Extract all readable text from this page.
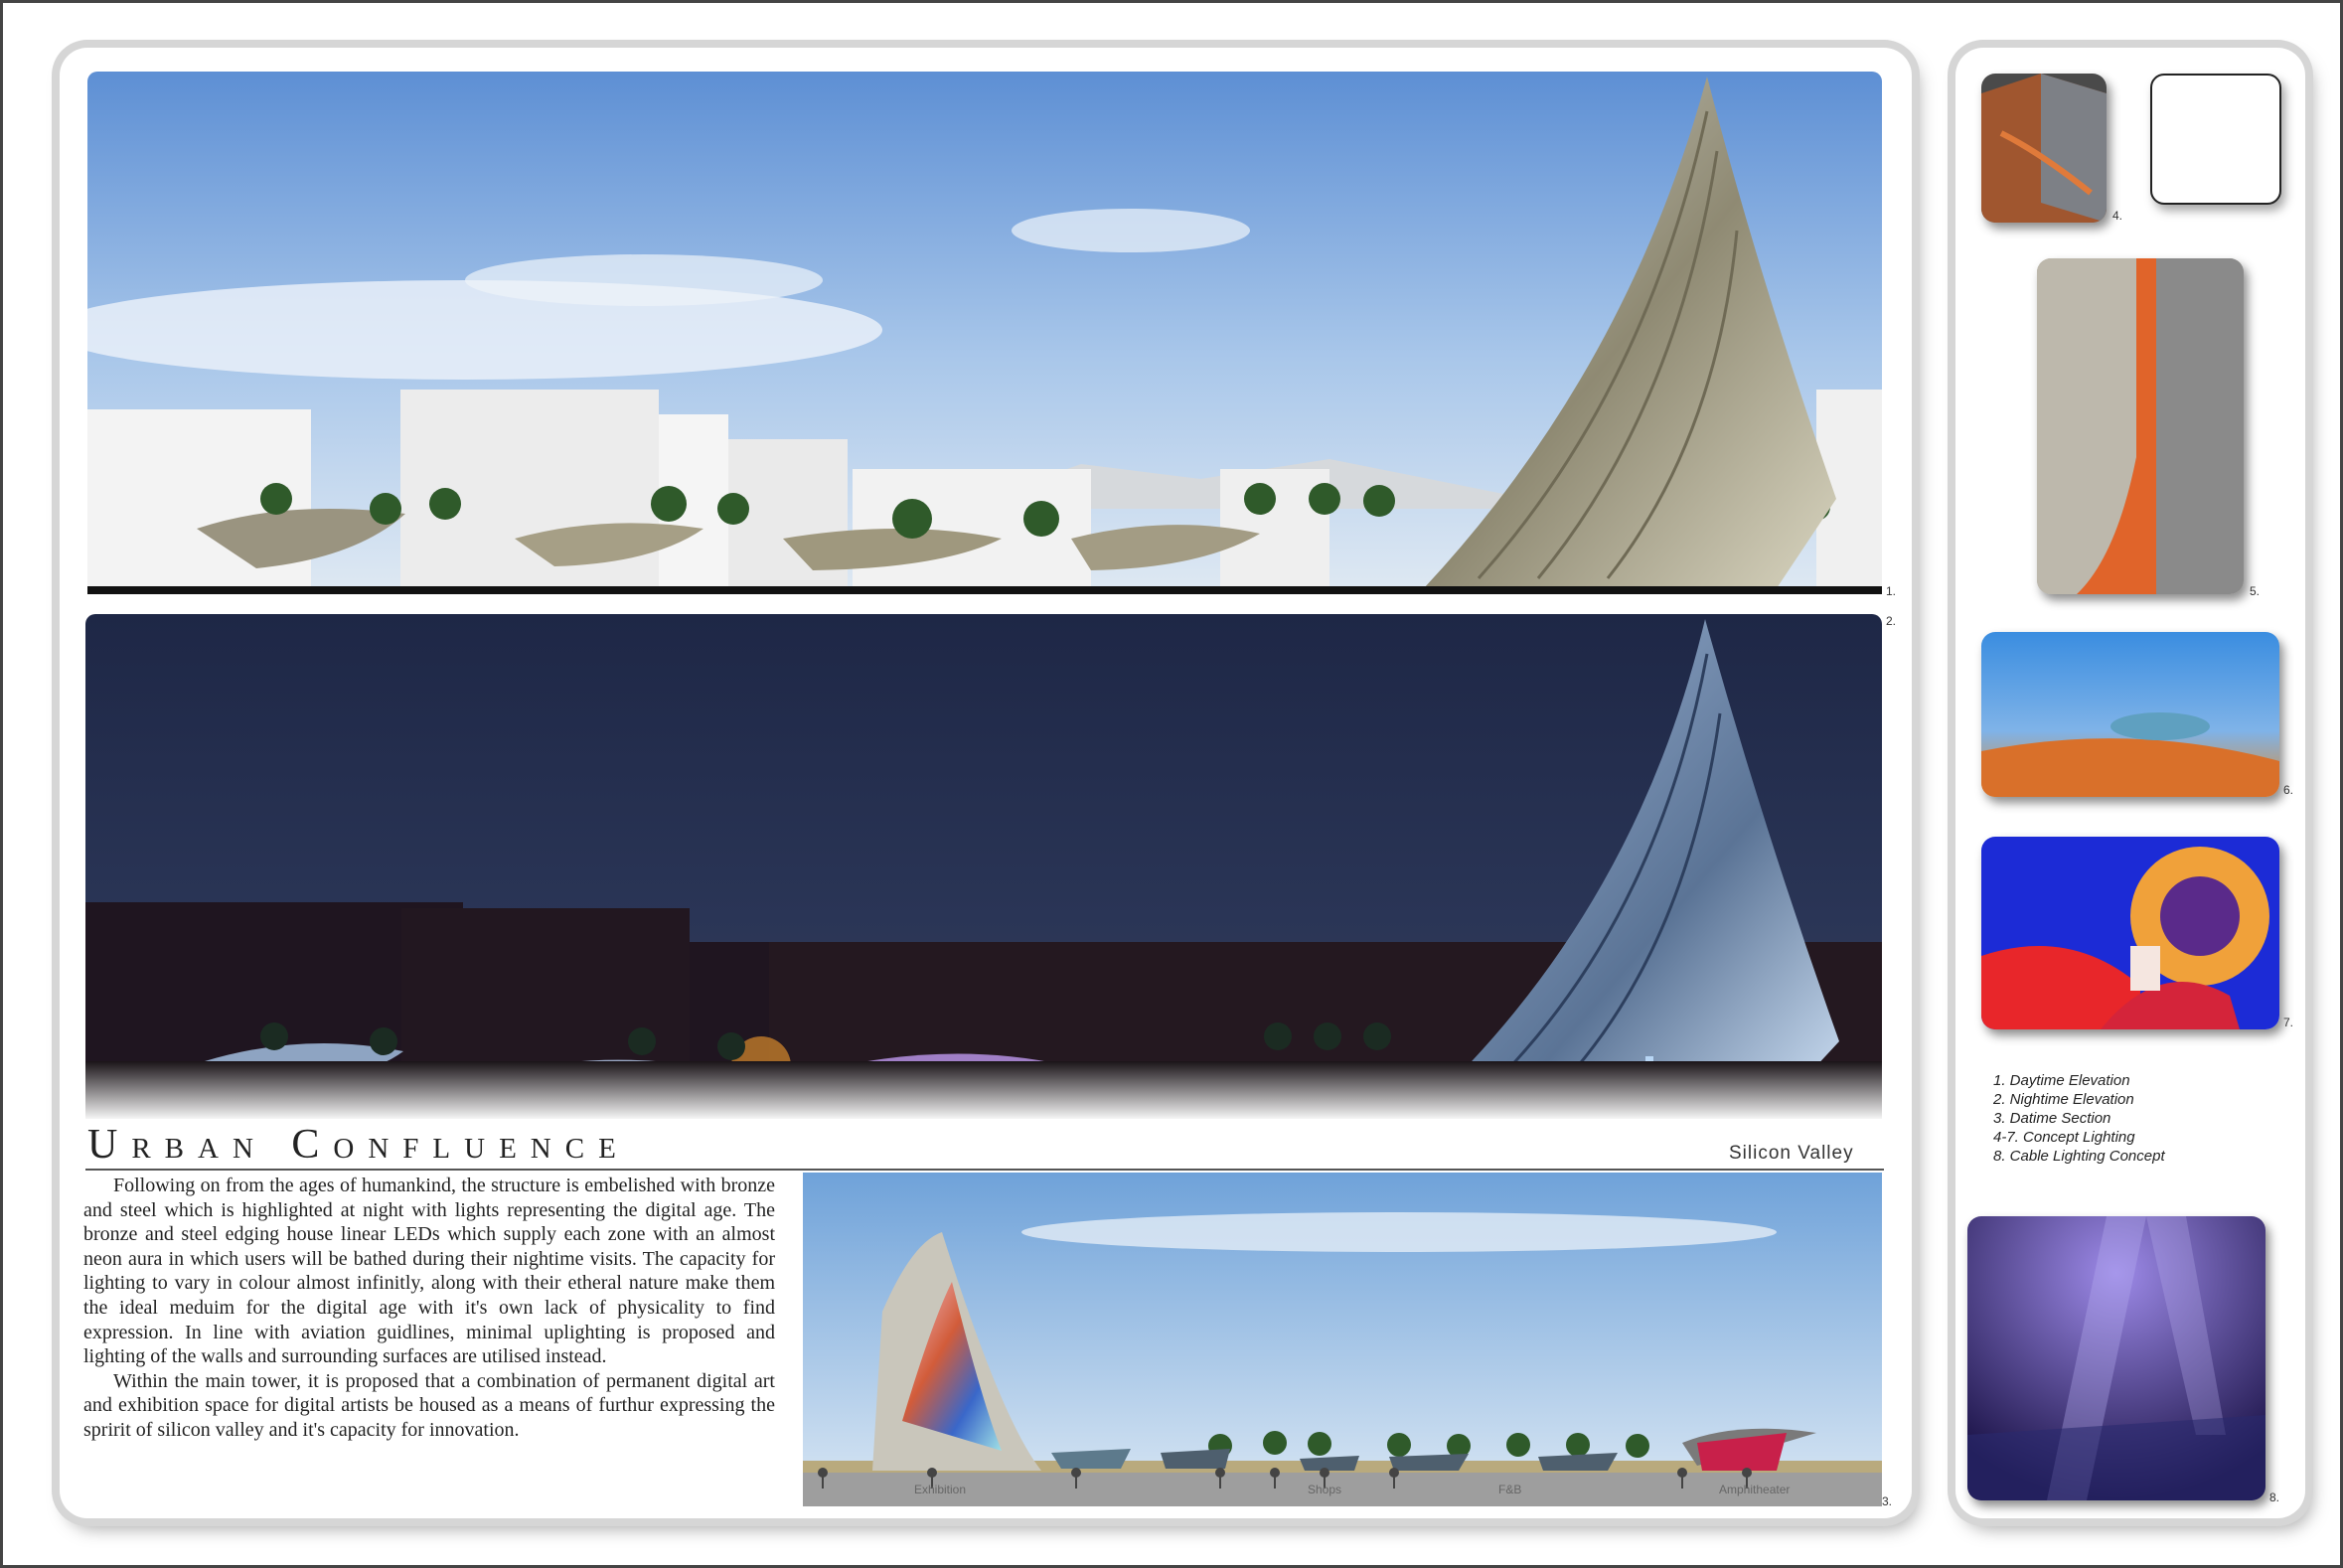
1.
2.
Urban Confluence	Silicon Valley

Following on from the ages of humankind, the structure is embelished with bronze and steel which is highlighted at night with lights representing the digital age. The bronze and steel edging house linear LEDs which supply each zone with an almost neon aura in which users will be bathed during their nightime visits. The capacity for lighting to vary in colour almost infinitly, along with their etheral nature make them the ideal meduim for the digital age with it's own lack of physicality to find expression. In line with aviation guidlines, minimal uplighting is proposed and lighting of the walls and surrounding surfaces are utilised instead.

Within the main tower, it is proposed that a combination of permanent digital art and exhibition space for digital artists be housed as a means of furthur expressing the spririt of silicon valley and it's capacity for innovation.

Exhibition	Shops	F&B	Amphitheater
3.
4.
5.
6.
7.
1. Daytime Elevation
2. Nightime Elevation
3. Datime Section
4-7. Concept Lighting
8. Cable Lighting Concept
8.
